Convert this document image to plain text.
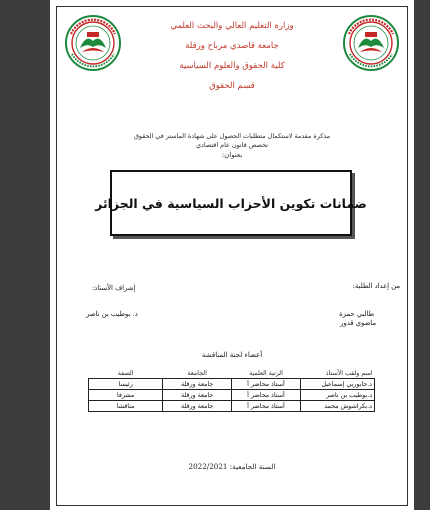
وزارة التعليم العالي والبحث العلمي
جامعة قاصدي مرباح ورقلة
كلية الحقوق والعلوم السياسية
قسم الحقوق
مذكرة مقدمة لاستكمال متطلبات الحصول على شهادة الماستر في الحقوق
تخصص قانون عام اقتصادي
بعنوان:
ضمانات تكوين الأحزاب السياسية في الجزائر
من إعداد الطلبة:
طالبي حمزة
ماضوي قدور
إشراف الأستاذ:
د. بوطيب بن ناصر
أعضاء لجنة المناقشة
اسم ولقب الأستاذ	الرتبة العلمية	الجامعة	الصفة
د.جابوربي إسماعيل	أستاذ محاضر أ	جامعة ورقلة	رئيسا
د.بوطيب بن ناصر	أستاذ محاضر أ	جامعة ورقلة	مشرفا
د.بكراشوش محمد	أستاذ محاضر أ	جامعة ورقلة	مناقشا
السنة الجامعية: 2022/2021
